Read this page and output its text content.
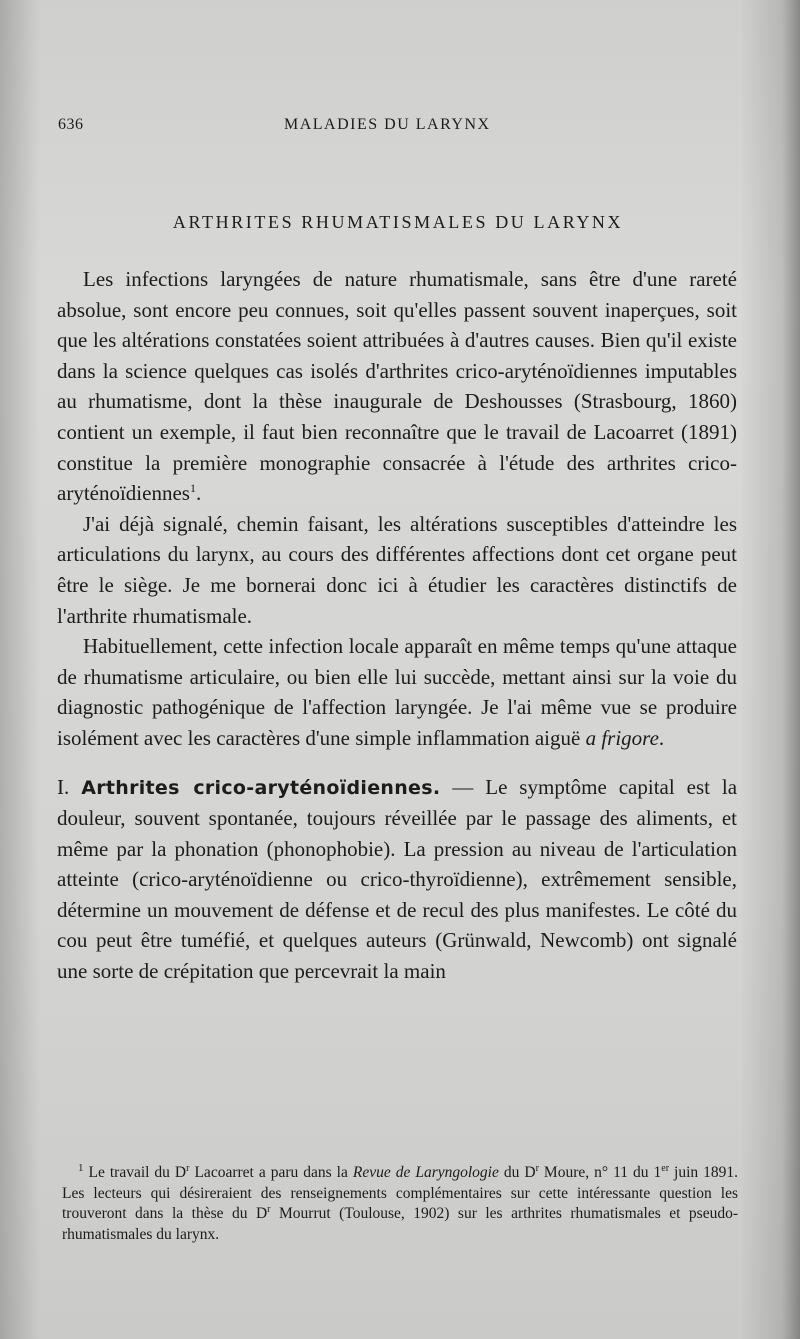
636	MALADIES DU LARYNX
ARTHRITES RHUMATISMALES DU LARYNX

Les infections laryngées de nature rhumatismale, sans être d'une rareté absolue, sont encore peu connues, soit qu'elles passent souvent inaperçues, soit que les altérations constatées soient attribuées à d'autres causes. Bien qu'il existe dans la science quelques cas isolés d'arthrites crico-aryténoïdiennes imputables au rhumatisme, dont la thèse inaugurale de Deshousses (Strasbourg, 1860) contient un exemple, il faut bien reconnaître que le travail de Lacoarret (1891) constitue la première monographie consacrée à l'étude des arthrites crico-aryténoïdiennes$^1$.

J'ai déjà signalé, chemin faisant, les altérations susceptibles d'atteindre les articulations du larynx, au cours des différentes affections dont cet organe peut être le siège. Je me bornerai donc ici à étudier les caractères distinctifs de l'arthrite rhumatismale.

Habituellement, cette infection locale apparaît en même temps qu'une attaque de rhumatisme articulaire, ou bien elle lui succède, mettant ainsi sur la voie du diagnostic pathogénique de l'affection laryngée. Je l'ai même vue se produire isolément avec les caractères d'une simple inflammation aiguë a frigore.

I. Arthrites crico-aryténoïdiennes. — Le symptôme capital est la douleur, souvent spontanée, toujours réveillée par le passage des aliments, et même par la phonation (phonophobie). La pression au niveau de l'articulation atteinte (crico-aryténoïdienne ou crico-thyroïdienne), extrêmement sensible, détermine un mouvement de défense et de recul des plus manifestes. Le côté du cou peut être tuméfié, et quelques auteurs (Grünwald, Newcomb) ont signalé une sorte de crépitation que percevrait la main

$^1$ Le travail du $D^r$ Lacoarret a paru dans la Revue de Laryngologie du $D^r$ Moure, n° 11 du 1er juin 1891. Les lecteurs qui désireraient des renseignements complémentaires sur cette intéressante question les trouveront dans la thèse du $D^r$ Mourrut (Toulouse, 1902) sur les arthrites rhumatismales et pseudo-rhumatismales du larynx.
